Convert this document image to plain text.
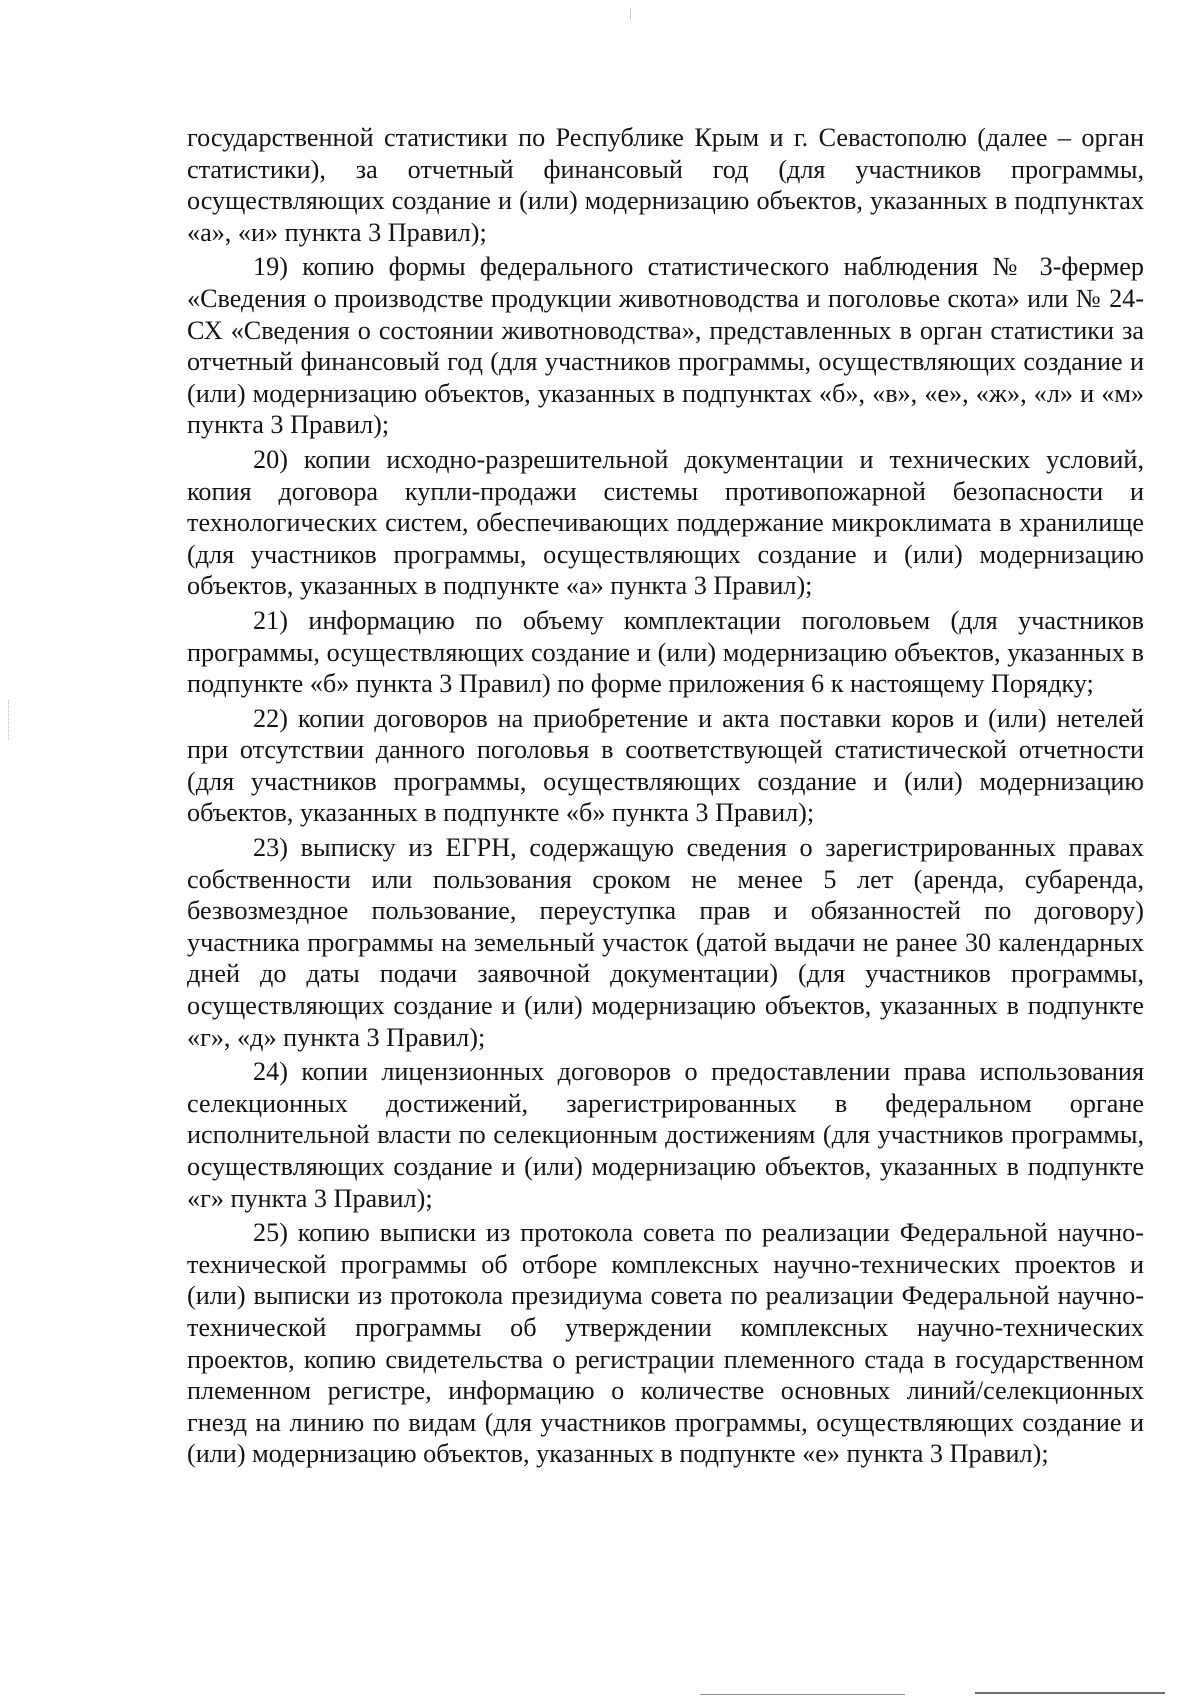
государственной статистики по Республике Крым и г. Севастополю (далее – орган статистики), за отчетный финансовый год (для участников программы, осуществляющих создание и (или) модернизацию объектов, указанных в подпунктах «а», «и» пункта 3 Правил);

19) копию формы федерального статистического наблюдения № 3-фермер «Сведения о производстве продукции животноводства и поголовье скота» или № 24-СХ «Сведения о состоянии животноводства», представленных в орган статистики за отчетный финансовый год (для участников программы, осуществляющих создание и (или) модернизацию объектов, указанных в подпунктах «б», «в», «е», «ж», «л» и «м» пункта 3 Правил);

20) копии исходно-разрешительной документации и технических условий, копия договора купли-продажи системы противопожарной безопасности и технологических систем, обеспечивающих поддержание микроклимата в хранилище (для участников программы, осуществляющих создание и (или) модернизацию объектов, указанных в подпункте «а» пункта 3 Правил);

21) информацию по объему комплектации поголовьем (для участников программы, осуществляющих создание и (или) модернизацию объектов, указанных в подпункте «б» пункта 3 Правил) по форме приложения 6 к настоящему Порядку;

22) копии договоров на приобретение и акта поставки коров и (или) нетелей при отсутствии данного поголовья в соответствующей статистической отчетности (для участников программы, осуществляющих создание и (или) модернизацию объектов, указанных в подпункте «б» пункта 3 Правил);

23) выписку из ЕГРН, содержащую сведения о зарегистрированных правах собственности или пользования сроком не менее 5 лет (аренда, субаренда, безвозмездное пользование, переуступка прав и обязанностей по договору) участника программы на земельный участок (датой выдачи не ранее 30 календарных дней до даты подачи заявочной документации) (для участников программы, осуществляющих создание и (или) модернизацию объектов, указанных в подпункте «г», «д» пункта 3 Правил);

24) копии лицензионных договоров о предоставлении права использования селекционных достижений, зарегистрированных в федеральном органе исполнительной власти по селекционным достижениям (для участников программы, осуществляющих создание и (или) модернизацию объектов, указанных в подпункте «г» пункта 3 Правил);

25) копию выписки из протокола совета по реализации Федеральной научно-технической программы об отборе комплексных научно-технических проектов и (или) выписки из протокола президиума совета по реализации Федеральной научно-технической программы об утверждении комплексных научно-технических проектов, копию свидетельства о регистрации племенного стада в государственном племенном регистре, информацию о количестве основных линий/селекционных гнезд на линию по видам (для участников программы, осуществляющих создание и (или) модернизацию объектов, указанных в подпункте «е» пункта 3 Правил);
